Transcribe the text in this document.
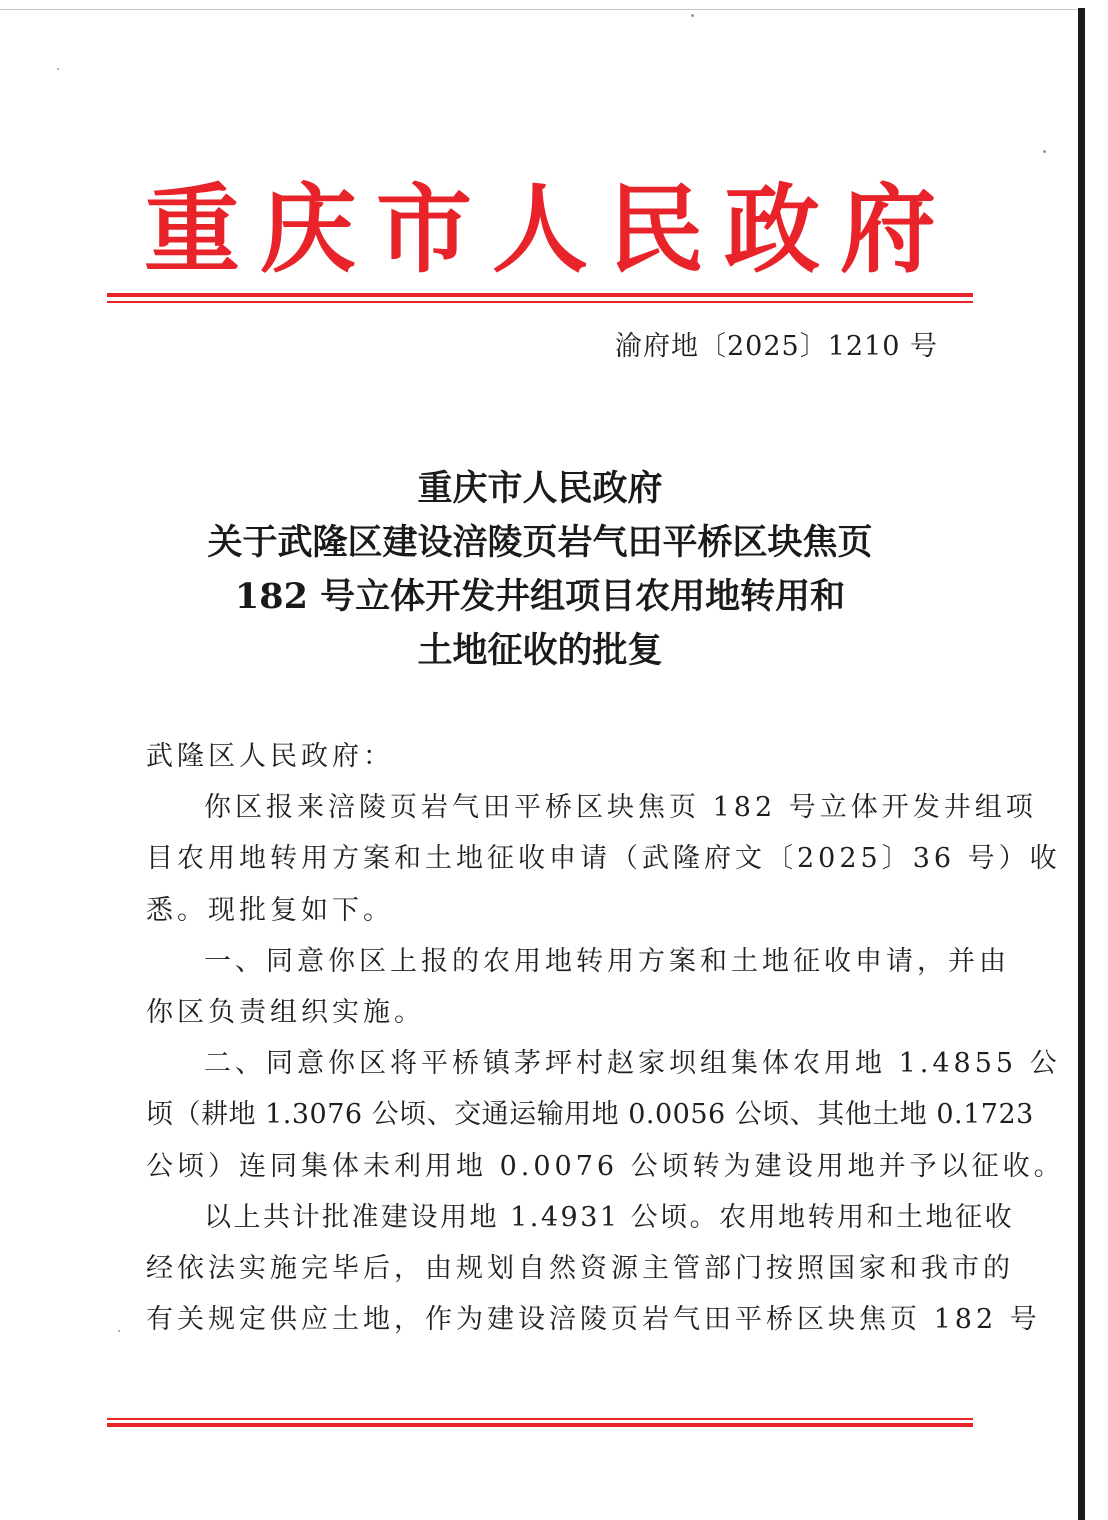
重 庆 市 人 民 政 府
渝府地〔2025〕1210 号
重庆市人民政府
关于武隆区建设涪陵页岩气田平桥区块焦页
182 号立体开发井组项目农用地转用和
土地征收的批复
武隆区人民政府：
你区报来涪陵页岩气田平桥区块焦页 182 号立体开发井组项
目农用地转用方案和土地征收申请（武隆府文〔2025〕36 号）收
悉。现批复如下。
一、同意你区上报的农用地转用方案和土地征收申请，并由
你区负责组织实施。
二、同意你区将平桥镇茅坪村赵家坝组集体农用地 1.4855 公
顷（耕地 1.3076 公顷、交通运输用地 0.0056 公顷、其他土地 0.1723
公顷）连同集体未利用地 0.0076 公顷转为建设用地并予以征收。
以上共计批准建设用地 1.4931 公顷。农用地转用和土地征收
经依法实施完毕后，由规划自然资源主管部门按照国家和我市的
有关规定供应土地，作为建设涪陵页岩气田平桥区块焦页 182 号
